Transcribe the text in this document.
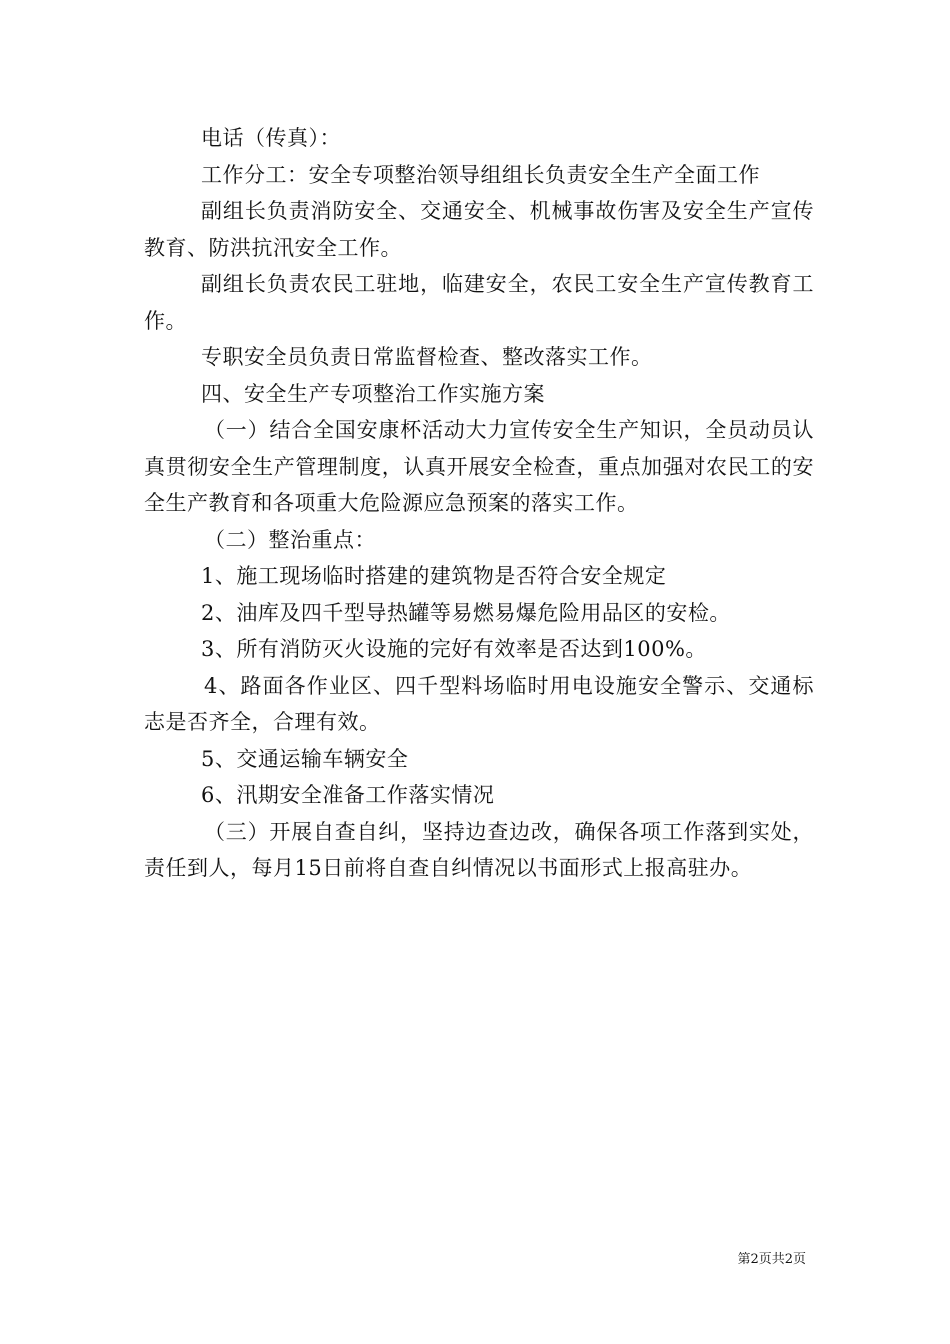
电话（传真）：

工作分工：安全专项整治领导组组长负责安全生产全面工作

副组长负责消防安全、交通安全、机械事故伤害及安全生产宣传教育、防洪抗汛安全工作。

副组长负责农民工驻地，临建安全，农民工安全生产宣传教育工作。

专职安全员负责日常监督检查、整改落实工作。

四、安全生产专项整治工作实施方案

（一）结合全国安康杯活动大力宣传安全生产知识，全员动员认真贯彻安全生产管理制度，认真开展安全检查，重点加强对农民工的安全生产教育和各项重大危险源应急预案的落实工作。

（二）整治重点：

1、施工现场临时搭建的建筑物是否符合安全规定

2、油库及四千型导热罐等易燃易爆危险用品区的安检。

3、所有消防灭火设施的完好有效率是否达到100%。

4、路面各作业区、四千型料场临时用电设施安全警示、交通标志是否齐全，合理有效。

5、交通运输车辆安全

6、汛期安全准备工作落实情况

（三）开展自查自纠，坚持边查边改，确保各项工作落到实处，责任到人，每月15日前将自查自纠情况以书面形式上报高驻办。

第2页共2页
